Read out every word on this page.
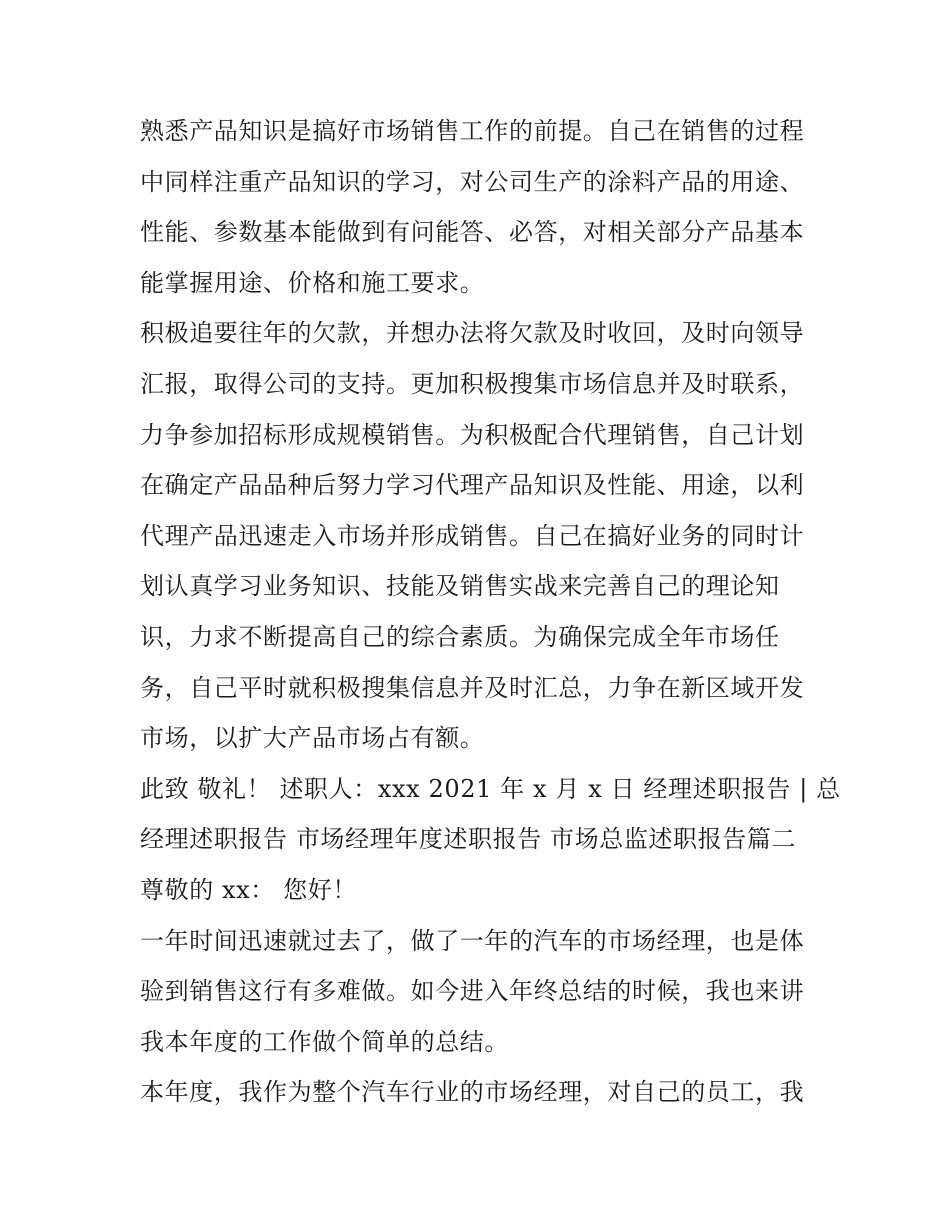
熟悉产品知识是搞好市场销售工作的前提。自己在销售的过程
中同样注重产品知识的学习，对公司生产的涂料产品的用途、
性能、参数基本能做到有问能答、必答，对相关部分产品基本
能掌握用途、价格和施工要求。
积极追要往年的欠款，并想办法将欠款及时收回，及时向领导
汇报，取得公司的支持。更加积极搜集市场信息并及时联系，
力争参加招标形成规模销售。为积极配合代理销售，自己计划
在确定产品品种后努力学习代理产品知识及性能、用途，以利
代理产品迅速走入市场并形成销售。自己在搞好业务的同时计
划认真学习业务知识、技能及销售实战来完善自己的理论知
识，力求不断提高自己的综合素质。为确保完成全年市场任
务，自己平时就积极搜集信息并及时汇总，力争在新区域开发
市场，以扩大产品市场占有额。
此致 敬礼！ 述职人：xxx 2021 年 x 月 x 日 经理述职报告 | 总
经理述职报告 市场经理年度述职报告 市场总监述职报告篇二
尊敬的 xx： 您好！
一年时间迅速就过去了，做了一年的汽车的市场经理，也是体
验到销售这行有多难做。如今进入年终总结的时候，我也来讲
我本年度的工作做个简单的总结。
本年度，我作为整个汽车行业的市场经理，对自己的员工，我
